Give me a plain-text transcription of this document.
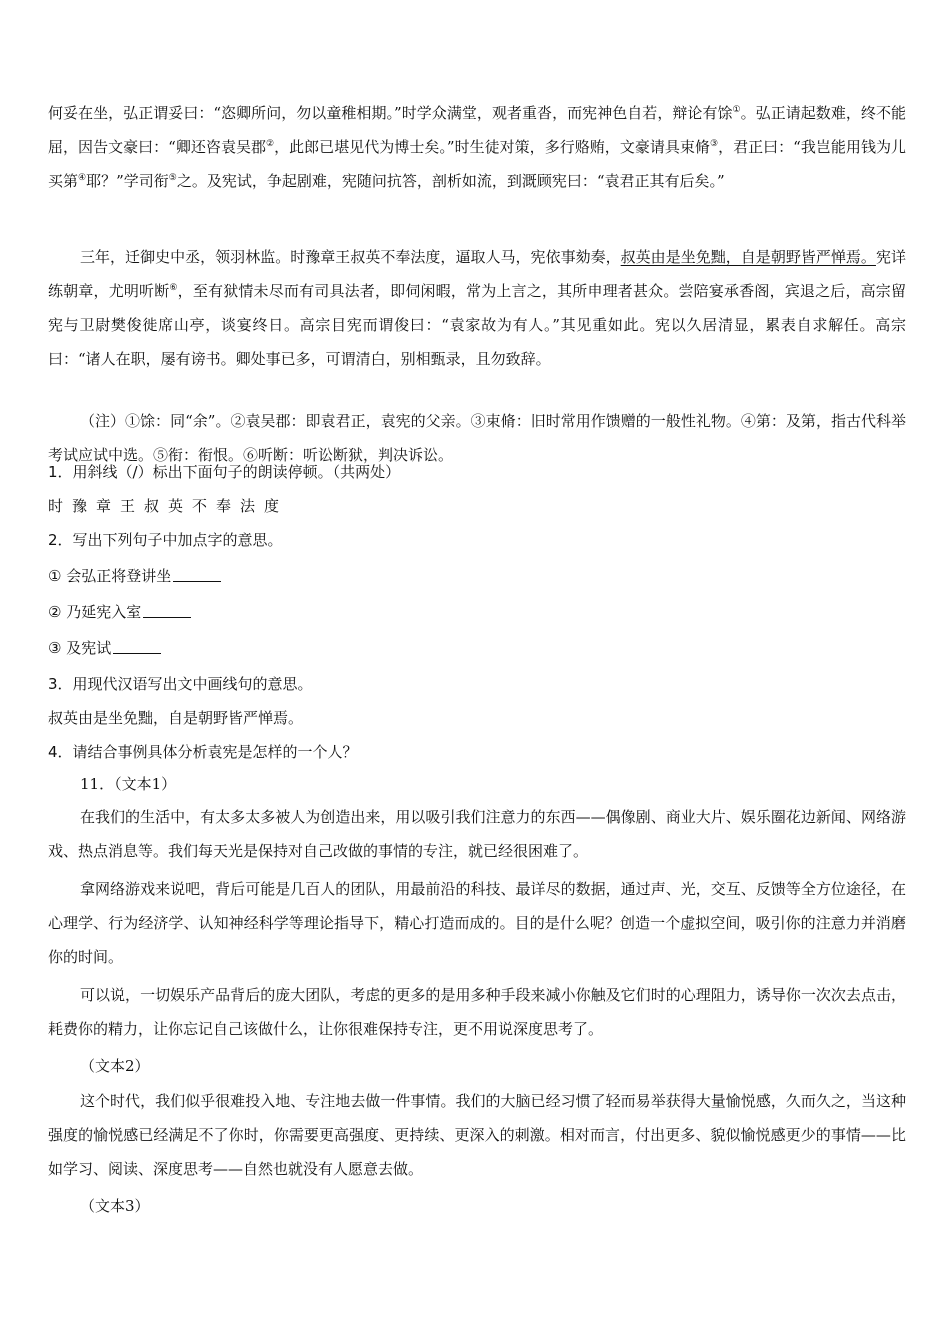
何妥在坐，弘正谓妥曰：“恣卿所问，勿以童稚相期。”时学众满堂，观者重沓，而宪神色自若，辩论有馀①。弘正请起数难，终不能屈，因告文豪曰：“卿还咨袁吴郡②，此郎已堪见代为博士矣。”时生徒对策，多行赂贿，文豪请具束脩③，君正曰：“我岂能用钱为儿买第④耶？”学司衔⑤之。及宪试，争起剧难，宪随问抗答，剖析如流，到溉顾宪曰：“袁君正其有后矣。”

三年，迁御史中丞，领羽林监。时豫章王叔英不奉法度，逼取人马，宪依事劾奏，叔英由是坐免黜，自是朝野皆严惮焉。宪详练朝章，尤明听断⑥，至有狱情未尽而有司具法者，即伺闲暇，常为上言之，其所申理者甚众。尝陪宴承香阁，宾退之后，高宗留宪与卫尉樊俊徙席山亭，谈宴终日。高宗目宪而谓俊曰：“袁家故为有人。”其见重如此。宪以久居清显，累表自求解任。高宗曰：“诸人在职，屡有谤书。卿处事已多，可谓清白，别相甄录，且勿致辞。

（注）①馀：同“余”。②袁吴郡：即袁君正，袁宪的父亲。③束脩：旧时常用作馈赠的一般性礼物。④第：及第，指古代科举考试应试中选。⑤衔：衔恨。⑥听断：听讼断狱，判决诉讼。

1．用斜线（/）标出下面句子的朗读停顿。（共两处）

时豫章王叔英不奉法度

2．写出下列句子中加点字的意思。

① 会弘正将登讲坐

② 乃延宪入室

③ 及宪试

3．用现代汉语写出文中画线句的意思。

叔英由是坐免黜，自是朝野皆严惮焉。

4．请结合事例具体分析袁宪是怎样的一个人？

11．（文本1）

在我们的生活中，有太多太多被人为创造出来，用以吸引我们注意力的东西——偶像剧、商业大片、娱乐圈花边新闻、网络游戏、热点消息等。我们每天光是保持对自己改做的事情的专注，就已经很困难了。

拿网络游戏来说吧，背后可能是几百人的团队，用最前沿的科技、最详尽的数据，通过声、光，交互、反馈等全方位途径，在心理学、行为经济学、认知神经科学等理论指导下，精心打造而成的。目的是什么呢？创造一个虚拟空间，吸引你的注意力并消磨你的时间。

可以说，一切娱乐产品背后的庞大团队，考虑的更多的是用多种手段来减小你触及它们时的心理阻力，诱导你一次次去点击，耗费你的精力，让你忘记自己该做什么，让你很难保持专注，更不用说深度思考了。

（文本2）

这个时代，我们似乎很难投入地、专注地去做一件事情。我们的大脑已经习惯了轻而易举获得大量愉悦感，久而久之，当这种强度的愉悦感已经满足不了你时，你需要更高强度、更持续、更深入的刺激。相对而言，付出更多、貌似愉悦感更少的事情——比如学习、阅读、深度思考——自然也就没有人愿意去做。

（文本3）
